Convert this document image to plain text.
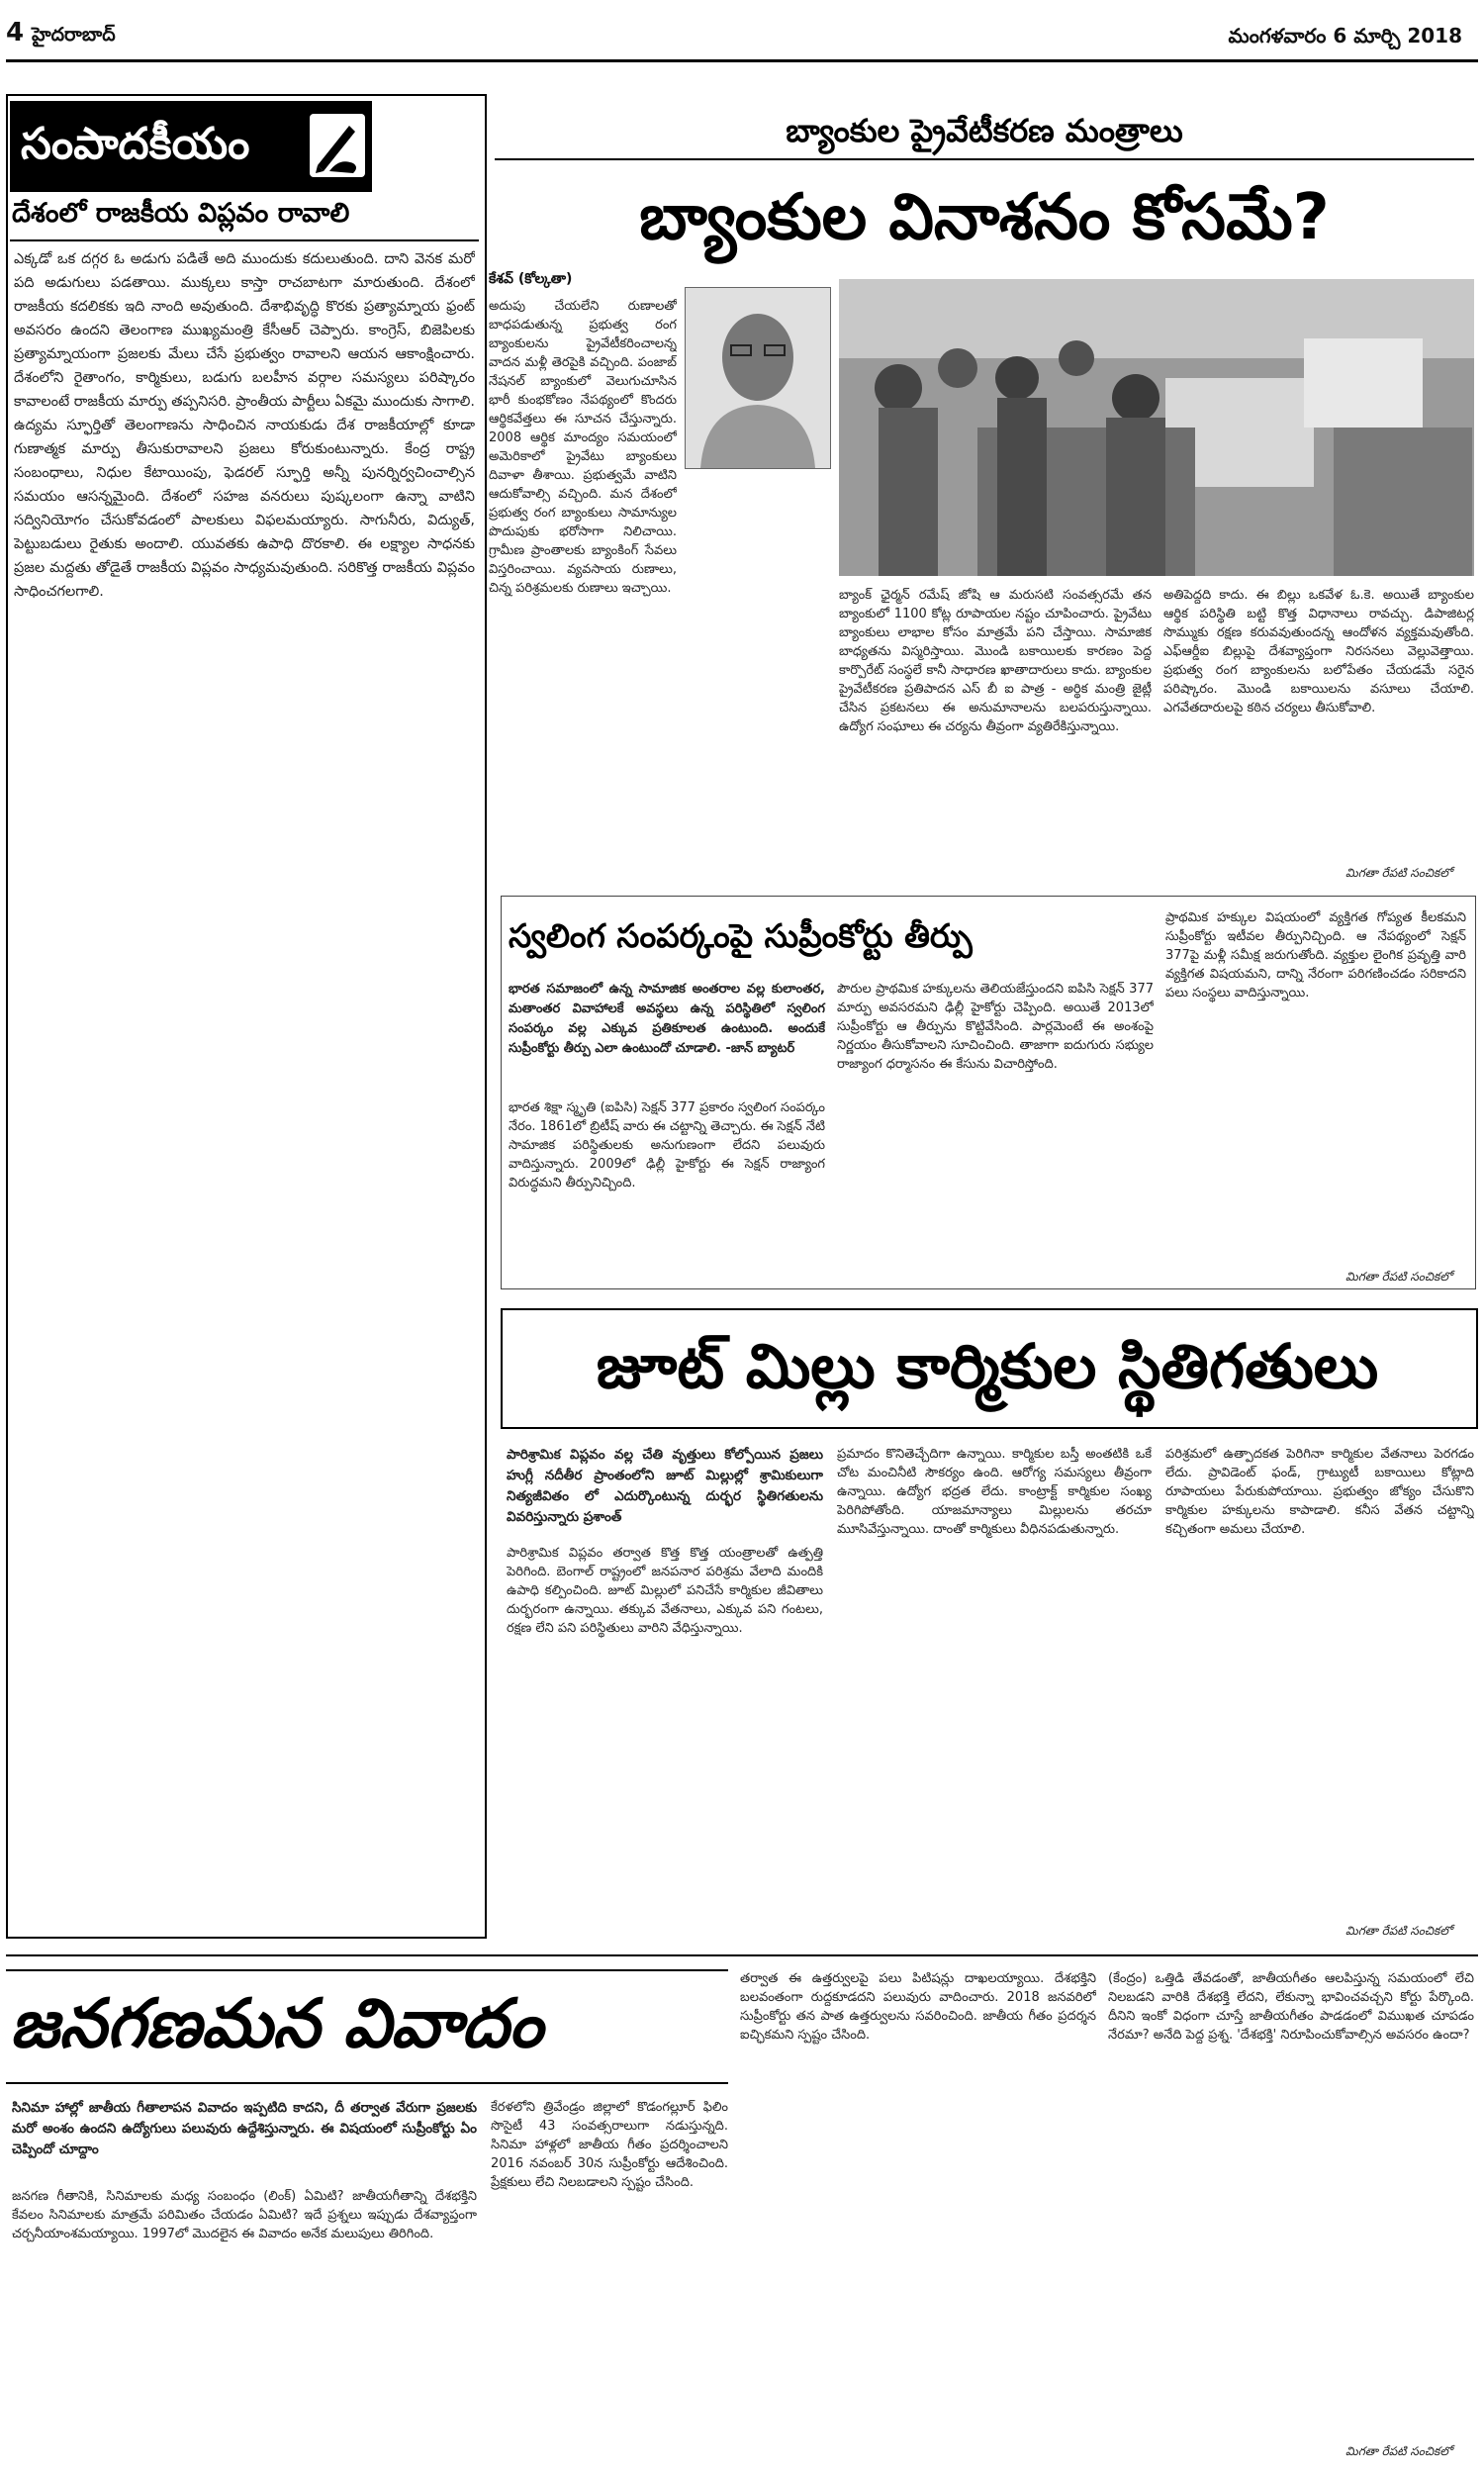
4 హైదరాబాద్	మంగళవారం 6 మార్చి 2018
సంపాదకీయం
దేశంలో రాజకీయ విప్లవం రావాలి
ఎక్కడో ఒక దగ్గర ఓ అడుగు పడితే అది ముందుకు కదులుతుంది. దాని వెనక మరో పది అడుగులు పడతాయి. ముక్కలు కాస్తా రాచబాటగా మారుతుంది. దేశంలో రాజకీయ కదలికకు ఇది నాంది అవుతుంది. దేశాభివృద్ధి కొరకు ప్రత్యామ్నాయ ఫ్రంట్ అవసరం ఉందని తెలంగాణ ముఖ్యమంత్రి కేసీఆర్ చెప్పారు. కాంగ్రెస్, బిజెపిలకు ప్రత్యామ్నాయంగా ప్రజలకు మేలు చేసే ప్రభుత్వం రావాలని ఆయన ఆకాంక్షించారు. దేశంలోని రైతాంగం, కార్మికులు, బడుగు బలహీన వర్గాల సమస్యలు పరిష్కారం కావాలంటే రాజకీయ మార్పు తప్పనిసరి. ప్రాంతీయ పార్టీలు ఏకమై ముందుకు సాగాలి. ఉద్యమ స్ఫూర్తితో తెలంగాణను సాధించిన నాయకుడు దేశ రాజకీయాల్లో కూడా గుణాత్మక మార్పు తీసుకురావాలని ప్రజలు కోరుకుంటున్నారు. కేంద్ర రాష్ట్ర సంబంధాలు, నిధుల కేటాయింపు, ఫెడరల్ స్ఫూర్తి అన్నీ పునర్నిర్వచించాల్సిన సమయం ఆసన్నమైంది. దేశంలో సహజ వనరులు పుష్కలంగా ఉన్నా వాటిని సద్వినియోగం చేసుకోవడంలో పాలకులు విఫలమయ్యారు. సాగునీరు, విద్యుత్, పెట్టుబడులు రైతుకు అందాలి. యువతకు ఉపాధి దొరకాలి. ఈ లక్ష్యాల సాధనకు ప్రజల మద్దతు తోడైతే రాజకీయ విప్లవం సాధ్యమవుతుంది. సరికొత్త రాజకీయ విప్లవం సాధించగలగాలి.
బ్యాంకుల ప్రైవేటీకరణ మంత్రాలు
బ్యాంకుల వినాశనం కోసమే?
కేశవ్ (కోల్కతా)
అదుపు చేయలేని రుణాలతో బాధపడుతున్న ప్రభుత్వ రంగ బ్యాంకులను ప్రైవేటీకరించాలన్న వాదన మళ్లీ తెరపైకి వచ్చింది. పంజాబ్ నేషనల్ బ్యాంకులో వెలుగుచూసిన భారీ కుంభకోణం నేపథ్యంలో కొందరు ఆర్థికవేత్తలు ఈ సూచన చేస్తున్నారు. 2008 ఆర్థిక మాంద్యం సమయంలో అమెరికాలో ప్రైవేటు బ్యాంకులు దివాళా తీశాయి. ప్రభుత్వమే వాటిని ఆదుకోవాల్సి వచ్చింది. మన దేశంలో ప్రభుత్వ రంగ బ్యాంకులు సామాన్యుల పొదుపుకు భరోసాగా నిలిచాయి. గ్రామీణ ప్రాంతాలకు బ్యాంకింగ్ సేవలు విస్తరించాయి. వ్యవసాయ రుణాలు, చిన్న పరిశ్రమలకు రుణాలు ఇచ్చాయి.	బ్యాంక్ ఛైర్మన్ రమేష్ జోషి ఆ మరుసటి సంవత్సరమే తన బ్యాంకులో 1100 కోట్ల రూపాయల నష్టం చూపించారు. ప్రైవేటు బ్యాంకులు లాభాల కోసం మాత్రమే పని చేస్తాయి. సామాజిక బాధ్యతను విస్మరిస్తాయి. మొండి బకాయిలకు కారణం పెద్ద కార్పొరేట్ సంస్థలే కానీ సాధారణ ఖాతాదారులు కాదు. బ్యాంకుల ప్రైవేటీకరణ ప్రతిపాదన ఎస్ బీ ఐ పాత్ర - అర్థిక మంత్రి జైట్లీ చేసిన ప్రకటనలు ఈ అనుమానాలను బలపరుస్తున్నాయి. ఉద్యోగ సంఘాలు ఈ చర్యను తీవ్రంగా వ్యతిరేకిస్తున్నాయి.
అతిపెద్దది కాదు. ఈ బిల్లు ఒకవేళ ఓ.కె. అయితే బ్యాంకుల ఆర్థిక పరిస్థితి బట్టి కొత్త విధానాలు రావచ్చు. డిపాజిటర్ల సొమ్ముకు రక్షణ కరువవుతుందన్న ఆందోళన వ్యక్తమవుతోంది. ఎఫ్ఆర్డీఐ బిల్లుపై దేశవ్యాప్తంగా నిరసనలు వెల్లువెత్తాయి. ప్రభుత్వ రంగ బ్యాంకులను బలోపేతం చేయడమే సరైన పరిష్కారం. మొండి బకాయిలను వసూలు చేయాలి. ఎగవేతదారులపై కఠిన చర్యలు తీసుకోవాలి.
మిగతా రేపటి సంచికలో
స్వలింగ సంపర్కంపై సుప్రీంకోర్టు తీర్పు
భారత సమాజంలో ఉన్న సామాజిక అంతరాల వల్ల కులాంతర, మతాంతర వివాహాలకే అవస్థలు ఉన్న పరిస్థితిలో స్వలింగ సంపర్కం వల్ల ఎక్కువ ప్రతికూలత ఉంటుంది. అందుకే సుప్రీంకోర్టు తీర్పు ఎలా ఉంటుందో చూడాలి. -జాన్ బ్యాటర్
భారత శిక్షా స్మృతి (ఐపిసి) సెక్షన్ 377 ప్రకారం స్వలింగ సంపర్కం నేరం. 1861లో బ్రిటీష్ వారు ఈ చట్టాన్ని తెచ్చారు. ఈ సెక్షన్ నేటి సామాజిక పరిస్థితులకు అనుగుణంగా లేదని పలువురు వాదిస్తున్నారు. 2009లో ఢిల్లీ హైకోర్టు ఈ సెక్షన్ రాజ్యాంగ విరుద్ధమని తీర్పునిచ్చింది.
పౌరుల ప్రాథమిక హక్కులను తెలియజేస్తుందని ఐపిసి సెక్షన్ 377 మార్పు అవసరమని ఢిల్లీ హైకోర్టు చెప్పింది. అయితే 2013లో సుప్రీంకోర్టు ఆ తీర్పును కొట్టివేసింది. పార్లమెంటే ఈ అంశంపై నిర్ణయం తీసుకోవాలని సూచించింది. తాజాగా ఐదుగురు సభ్యుల రాజ్యాంగ ధర్మాసనం ఈ కేసును విచారిస్తోంది.
ప్రాథమిక హక్కుల విషయంలో వ్యక్తిగత గోప్యత కీలకమని సుప్రీంకోర్టు ఇటీవల తీర్పునిచ్చింది. ఆ నేపథ్యంలో సెక్షన్ 377పై మళ్లీ సమీక్ష జరుగుతోంది. వ్యక్తుల లైంగిక ప్రవృత్తి వారి వ్యక్తిగత విషయమని, దాన్ని నేరంగా పరిగణించడం సరికాదని పలు సంస్థలు వాదిస్తున్నాయి.
మిగతా రేపటి సంచికలో
జూట్ మిల్లు కార్మికుల స్థితిగతులు
పారిశ్రామిక విప్లవం వల్ల చేతి వృత్తులు కోల్పోయిన ప్రజలు హుగ్లీ నదీతీర ప్రాంతంలోని జూట్ మిల్లుల్లో శ్రామికులుగా నిత్యజీవితం లో ఎదుర్కొంటున్న దుర్భర స్థితిగతులను వివరిస్తున్నారు ప్రశాంత్
పారిశ్రామిక విప్లవం తర్వాత కొత్త కొత్త యంత్రాలతో ఉత్పత్తి పెరిగింది. బెంగాల్ రాష్ట్రంలో జనపనార పరిశ్రమ వేలాది మందికి ఉపాధి కల్పించింది. జూట్ మిల్లులో పనిచేసే కార్మికుల జీవితాలు దుర్భరంగా ఉన్నాయి. తక్కువ వేతనాలు, ఎక్కువ పని గంటలు, రక్షణ లేని పని పరిస్థితులు వారిని వేధిస్తున్నాయి.
ప్రమాదం కొనితెచ్చేదిగా ఉన్నాయి. కార్మికుల బస్తీ అంతటికి ఒకే చోట మంచినీటి సౌకర్యం ఉంది. ఆరోగ్య సమస్యలు తీవ్రంగా ఉన్నాయి. ఉద్యోగ భద్రత లేదు. కాంట్రాక్ట్ కార్మికుల సంఖ్య పెరిగిపోతోంది. యాజమాన్యాలు మిల్లులను తరచూ మూసివేస్తున్నాయి. దాంతో కార్మికులు వీధినపడుతున్నారు.
పరిశ్రమలో ఉత్పాదకత పెరిగినా కార్మికుల వేతనాలు పెరగడం లేదు. ప్రావిడెంట్ ఫండ్, గ్రాట్యుటీ బకాయిలు కోట్లాది రూపాయలు పేరుకుపోయాయి. ప్రభుత్వం జోక్యం చేసుకొని కార్మికుల హక్కులను కాపాడాలి. కనీస వేతన చట్టాన్ని కచ్చితంగా అమలు చేయాలి.
మిగతా రేపటి సంచికలో
జనగణమన వివాదం
సినిమా హాల్లో జాతీయ గీతాలాపన వివాదం ఇప్పటిది కాదని, దీ తర్వాత వేరుగా ప్రజలకు మరో అంశం ఉందని ఉద్యోగులు పలువురు ఉద్దేశిస్తున్నారు. ఈ విషయంలో సుప్రీంకోర్టు ఏం చెప్పిందో చూద్దాం
జనగణ గీతానికి, సినిమాలకు మధ్య సంబంధం (లింక్) ఏమిటి? జాతీయగీతాన్ని దేశభక్తిని కేవలం సినిమాలకు మాత్రమే పరిమితం చేయడం ఏమిటి? ఇదే ప్రశ్నలు ఇప్పుడు దేశవ్యాప్తంగా చర్చనీయాంశమయ్యాయి. 1997లో మొదలైన ఈ వివాదం అనేక మలుపులు తిరిగింది.
కేరళలోని త్రివేండ్రం జిల్లాలో కొడంగల్లూర్ ఫిలిం సొసైటీ 43 సంవత్సరాలుగా నడుస్తున్నది. సినిమా హాళ్లలో జాతీయ గీతం ప్రదర్శించాలని 2016 నవంబర్ 30న సుప్రీంకోర్టు ఆదేశించింది. ప్రేక్షకులు లేచి నిలబడాలని స్పష్టం చేసింది.
తర్వాత ఈ ఉత్తర్వులపై పలు పిటిషన్లు దాఖలయ్యాయి. దేశభక్తిని బలవంతంగా రుద్దకూడదని పలువురు వాదించారు. 2018 జనవరిలో సుప్రీంకోర్టు తన పాత ఉత్తర్వులను సవరించింది. జాతీయ గీతం ప్రదర్శన ఐచ్ఛికమని స్పష్టం చేసింది.
(కేంద్రం) ఒత్తిడి తేవడంతో, జాతీయగీతం ఆలపిస్తున్న సమయంలో లేచి నిలబడని వారికి దేశభక్తి లేదని, లేకున్నా భావించవచ్చని కోర్టు పేర్కొంది. దీనిని ఇంకో విధంగా చూస్తే జాతీయగీతం పాడడంలో విముఖత చూపడం నేరమా? అనేది పెద్ద ప్రశ్న. 'దేశభక్తి' నిరూపించుకోవాల్సిన అవసరం ఉందా?
మిగతా రేపటి సంచికలో
